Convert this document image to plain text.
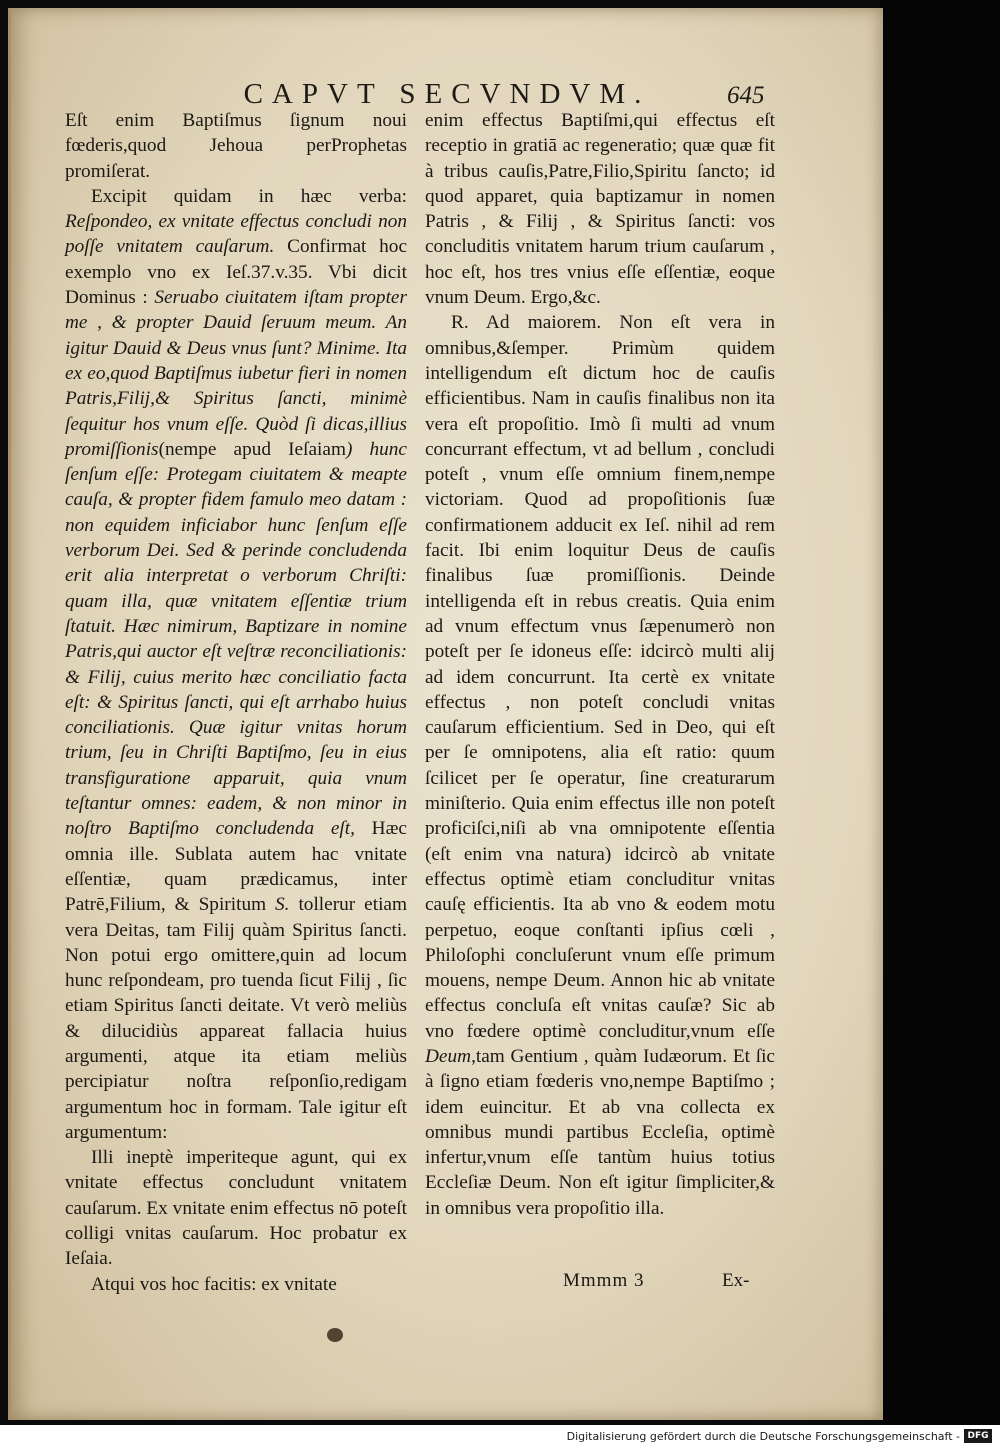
CAPVT SECVNDVM.	645

Eſt enim Baptiſmus ſignum noui fœderis,quod Jehoua perProphetas promiſerat.

Excipit quidam in hæc verba: Reſpondeo, ex vnitate effectus concludi non poſſe vnitatem cauſarum. Confirmat hoc exemplo vno ex Ieſ.37.v.35. Vbi dicit Dominus : Seruabo ciuitatem iſtam propter me , & propter Dauid ſeruum meum. An igitur Dauid & Deus vnus ſunt? Minime. Ita ex eo,quod Baptiſmus iubetur fieri in nomen Patris,Filij,& Spiritus ſancti, minimè ſequitur hos vnum eſſe. Quòd ſi dicas,illius promiſſionis(nempe apud Ieſaiam) hunc ſenſum eſſe: Protegam ciuitatem & meapte cauſa, & propter fidem famulo meo datam : non equidem inficiabor hunc ſenſum eſſe verborum Dei. Sed & perinde concludenda erit alia interpretat o verborum Chriſti: quam illa, quæ vnitatem eſſentiæ trium ſtatuit. Hæc nimirum, Baptizare in nomine Patris,qui auctor eſt veſtræ reconciliationis: & Filij, cuius merito hæc conciliatio facta eſt: & Spiritus ſancti, qui eſt arrhabo huius conciliationis. Quæ igitur vnitas horum trium, ſeu in Chriſti Baptiſmo, ſeu in eius transfiguratione apparuit, quia vnum teſtantur omnes: eadem, & non minor in noſtro Baptiſmo concludenda eſt, Hæc omnia ille. Sublata autem hac vnitate eſſentiæ, quam prædicamus, inter Patrē,Filium, & Spiritum S. tollerur etiam vera Deitas, tam Filij quàm Spiritus ſancti. Non potui ergo omittere,quin ad locum hunc reſpondeam, pro tuenda ſicut Filij , ſic etiam Spiritus ſancti deitate. Vt verò meliùs & dilucidiùs appareat fallacia huius argumenti, atque ita etiam meliùs percipiatur noſtra reſponſio,redigam argumentum hoc in formam. Tale igitur eſt argumentum:

Illi ineptè imperiteque agunt, qui ex vnitate effectus concludunt vnitatem cauſarum. Ex vnitate enim effectus nō poteſt colligi vnitas cauſarum. Hoc probatur ex Ieſaia.

Atqui vos hoc facitis: ex vnitate

enim effectus Baptiſmi,qui effectus eſt receptio in gratiā ac regeneratio; quæ quæ fit à tribus cauſis,Patre,Filio,Spiritu ſancto; id quod apparet, quia baptizamur in nomen Patris , & Filij , & Spiritus ſancti: vos concluditis vnitatem harum trium cauſarum , hoc eſt, hos tres vnius eſſe eſſentiæ, eoque vnum Deum. Ergo,&c.

R. Ad maiorem. Non eſt vera in omnibus,&ſemper. Primùm quidem intelligendum eſt dictum hoc de cauſis efficientibus. Nam in cauſis finalibus non ita vera eſt propoſitio. Imò ſi multi ad vnum concurrant effectum, vt ad bellum , concludi poteſt , vnum eſſe omnium finem,nempe victoriam. Quod ad propoſitionis ſuæ confirmationem adducit ex Ieſ. nihil ad rem facit. Ibi enim loquitur Deus de cauſis finalibus ſuæ promiſſionis. Deinde intelligenda eſt in rebus creatis. Quia enim ad vnum effectum vnus ſæpenumerò non poteſt per ſe idoneus eſſe: idcircò multi alij ad idem concurrunt. Ita certè ex vnitate effectus , non poteſt concludi vnitas cauſarum efficientium. Sed in Deo, qui eſt per ſe omnipotens, alia eſt ratio: quum ſcilicet per ſe operatur, ſine creaturarum miniſterio. Quia enim effectus ille non poteſt proficiſci,niſi ab vna omnipotente eſſentia (eſt enim vna natura) idcircò ab vnitate effectus optimè etiam concluditur vnitas cauſę efficientis. Ita ab vno & eodem motu perpetuo, eoque conſtanti ipſius cœli , Philoſophi concluſerunt vnum eſſe primum mouens, nempe Deum. Annon hic ab vnitate effectus concluſa eſt vnitas cauſæ? Sic ab vno fœdere optimè concluditur,vnum eſſe Deum,tam Gentium , quàm Iudæorum. Et ſic à ſigno etiam fœderis vno,nempe Baptiſmo ; idem euincitur. Et ab vna collecta ex omnibus mundi partibus Eccleſia, optimè infertur,vnum eſſe tantùm huius totius Eccleſiæ Deum. Non eſt igitur ſimpliciter,& in omnibus vera propoſitio illa.

Mmmm 3	Ex-
Digitalisierung gefördert durch die Deutsche Forschungsgemeinschaft - DFG
